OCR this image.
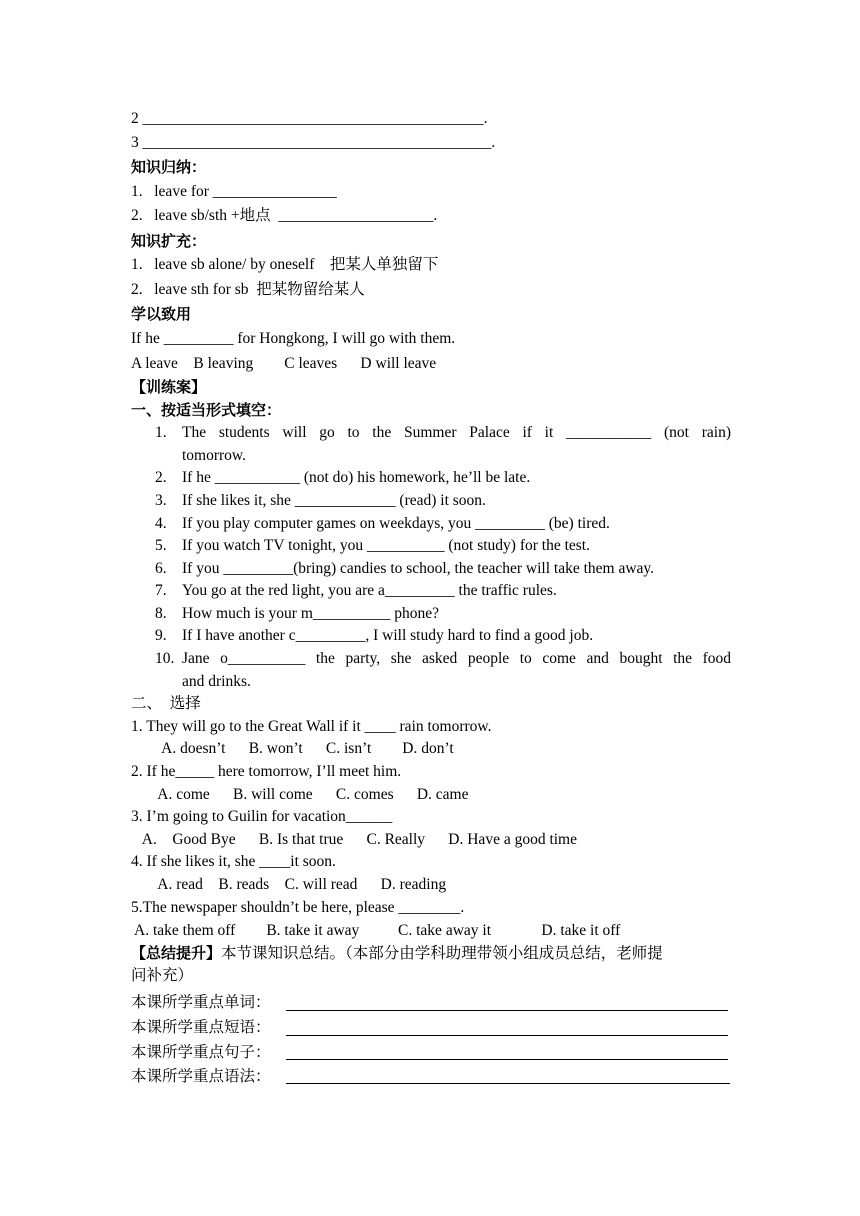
2 ____________________________________________.
3 _____________________________________________.
知识归纳：
1.   leave for ________________
2.   leave sb/sth +地点  ____________________.
知识扩充：
1.   leave sb alone/ by oneself    把某人单独留下
2.   leave sth for sb  把某物留给某人
学以致用
If he _________ for Hongkong, I will go with them.
A leave    B leaving        C leaves      D will leave
【训练案】
一、按适当形式填空：
1. The students will go to the Summer Palace if it ___________ (not rain)
tomorrow.
2. If he ___________ (not do) his homework, he’ll be late.
3. If she likes it, she _____________ (read) it soon.
4. If you play computer games on weekdays, you _________ (be) tired.
5. If you watch TV tonight, you __________ (not study) for the test.
6. If you _________(bring) candies to school, the teacher will take them away.
7. You go at the red light, you are a_________ the traffic rules.
8. How much is your m__________ phone?
9. If I have another c_________, I will study hard to find a good job.
10. Jane o__________ the party, she asked people to come and bought the food
and drinks.
二、  选择
1. They will go to the Great Wall if it ____ rain tomorrow.
A. doesn’t      B. won’t      C. isn’t        D. don’t
2. If he_____ here tomorrow, I’ll meet him.
A. come      B. will come      C. comes      D. came
3. I’m going to Guilin for vacation______
A.    Good Bye      B. Is that true      C. Really      D. Have a good time
4. If she likes it, she ____it soon.
A. read    B. reads    C. will read      D. reading
5.The newspaper shouldn’t be here, please ________.
A. take them off        B. take it away          C. take away it             D. take it off
【总结提升】本节课知识总结。（本部分由学科助理带领小组成员总结，老师提
问补充）
本课所学重点单词：
本课所学重点短语：
本课所学重点句子：
本课所学重点语法：
